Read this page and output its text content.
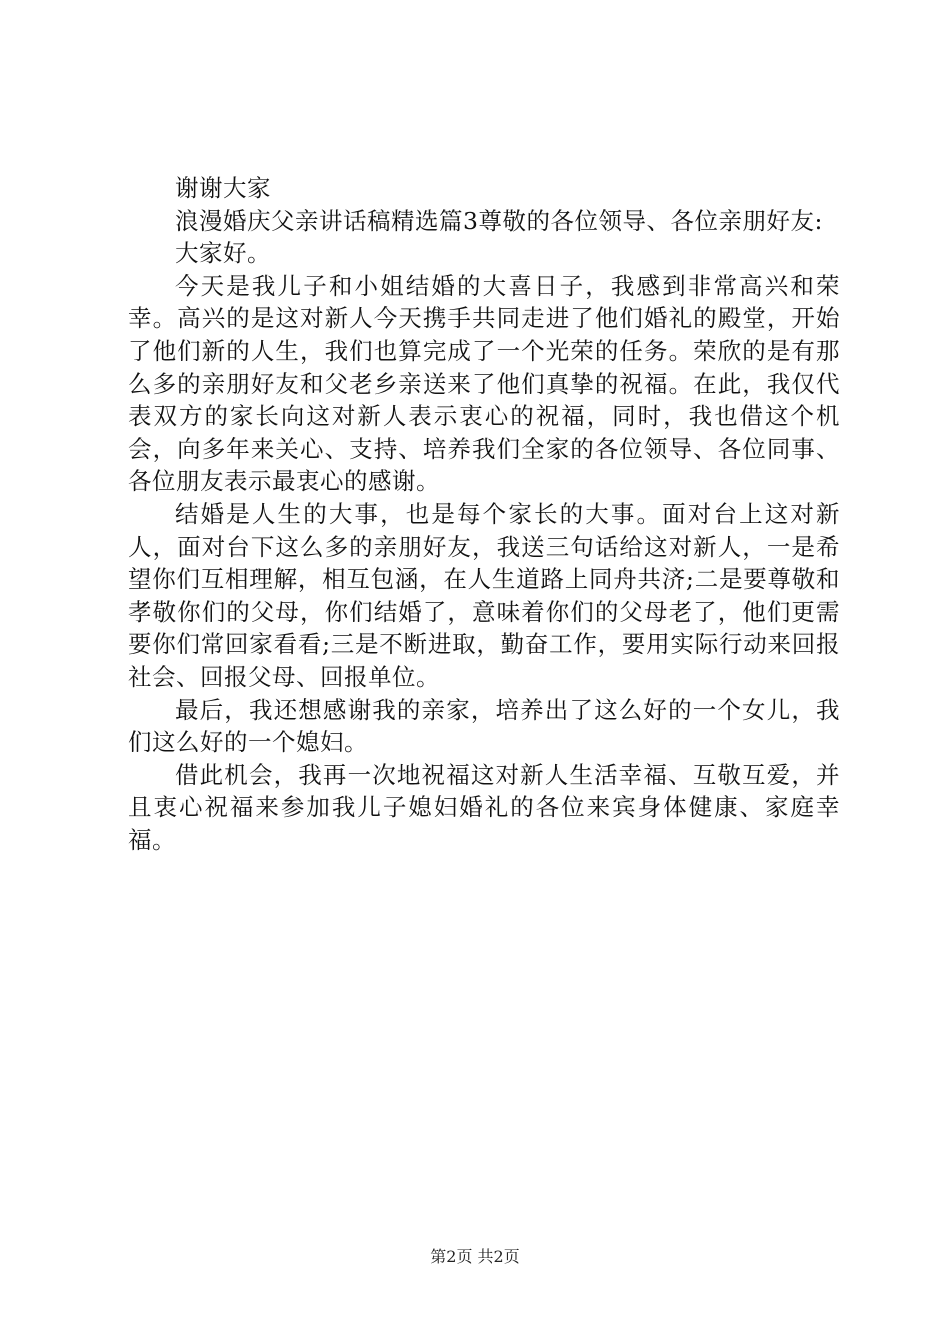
谢谢大家

浪漫婚庆父亲讲话稿精选篇3尊敬的各位领导、各位亲朋好友:

大家好。

今天是我儿子和小姐结婚的大喜日子，我感到非常高兴和荣幸。高兴的是这对新人今天携手共同走进了他们婚礼的殿堂，开始了他们新的人生，我们也算完成了一个光荣的任务。荣欣的是有那么多的亲朋好友和父老乡亲送来了他们真挚的祝福。在此，我仅代表双方的家长向这对新人表示衷心的祝福，同时，我也借这个机会，向多年来关心、支持、培养我们全家的各位领导、各位同事、各位朋友表示最衷心的感谢。

结婚是人生的大事，也是每个家长的大事。面对台上这对新人，面对台下这么多的亲朋好友，我送三句话给这对新人，一是希望你们互相理解，相互包涵，在人生道路上同舟共济;二是要尊敬和孝敬你们的父母，你们结婚了，意味着你们的父母老了，他们更需要你们常回家看看;三是不断进取，勤奋工作，要用实际行动来回报社会、回报父母、回报单位。

最后，我还想感谢我的亲家，培养出了这么好的一个女儿，我们这么好的一个媳妇。

借此机会，我再一次地祝福这对新人生活幸福、互敬互爱，并且衷心祝福来参加我儿子媳妇婚礼的各位来宾身体健康、家庭幸福。

第2页 共2页
